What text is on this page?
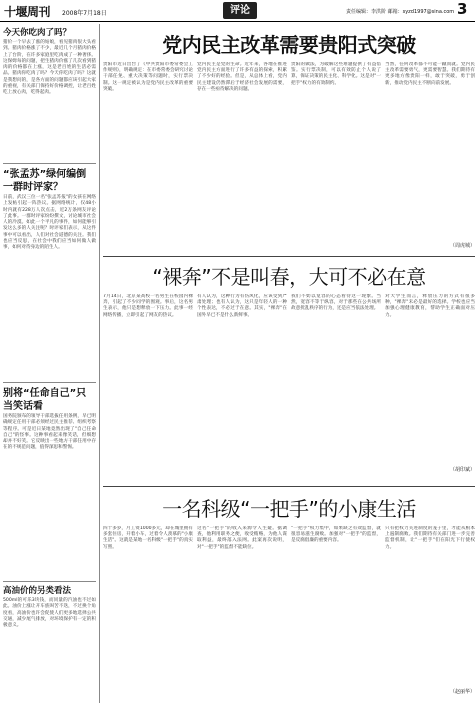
十堰周刊 2008年7月18日	评论	责任编辑：李洪阶 邮箱：syzd1997@sina.com 3
今天你吃肉了吗？
猪价一个早去了涨的姑娘，看见猪肉很大头看到。猪肉价格涨了不少，最近几个月猪肉价格上了台阶，在许多家庭里吃肉成了一种奢侈。这保姆每的问题，把生猪肉价涨了几次看到猪肉的价格都在上涨，这是老百姓的生活必需品。猪肉你吃肉了吗？今天你吃肉了吗？这就是我想问的，是各方面的问题都应该引起大家的重视，有关部门保持好价格调控，让老百姓吃上放心肉，吃得起肉。
“张孟苏”绿何编倒一群时评家？
日前，武汉三位一名"张孟苏报"的女孩在网络上发帖引起一阵热议。据网络统计，仅48小时内就有228万人次点击，近2万条网友评论了此事。一群时评家纷纷撰文，讨论城市社会人的冷漠。如此一个平凡的事件，如何能够引发这么多的人关注呢？时评家们表示，从这件事中可以看出，人们对社会道德的关注。我们也应当反思，在社会中我们应当如何做人做事，如何对待身边的陌生人。
别将“任命自己”只当笑话看
国务院颁布的领导干部选拔任用条例，早已明确规定任用干部必须经过民主推荐、组织考察等程序。可是近日某地竟然出现了"自己任命自己"的怪事。这种事看起来像笑话，但细想却并不好笑。它反映出一些地方干部任用中存在的不规范问题，值得深思和警惕。
高油价的另类看法
500ml的可乐3块钱，而同量的汽油也不过如此。油价上涨让开车族叫苦不迭，不过换个角度看，高油价也许会促使人们更多地选择公共交通，减少尾气排放，对环境保护有一定的积极意义。
党内民主改革需要贵阳式突破
贵阳市近日出台了《中共贵阳市委常委会工作规则》，明确规定：在市委常委会研究讨论干部任免、重大决策等问题时，实行票决制。这一规定被认为是党内民主改革的重要突破。
党内民主是党的生命。近年来，各地在推进党内民主方面进行了许多有益的探索，积累了不少好的经验。但是，从总体上看，党内民主建设仍然滞后于经济社会发展的需要，存在一些亟待解决的问题。
贵阳的做法，为破解这些难题提供了有益借鉴。实行票决制，可以有效防止个人说了算，保证决策的民主化、科学化。这是对"一把手"权力的有效制约。
当然，任何改革都不可能一蹴而就。党内民主改革需要勇气，更需要智慧。我们期待有更多地方像贵阳一样，敢于突破，勇于创新，推动党内民主不断向前发展。
（周虎城）
“裸奔”不是叫春，大可不必在意
7月14日，北京某高校一名男生在校园内裸奔，引起了不少同学的围观。事后，这名男生表示，他只是想释放一下压力。此事一经网络传播，立即引起了网友的热议。
有人认为，这种行为有伤风化，应该受到严肃处理；也有人认为，这只是年轻人的一种个性表达，不必过于在意。其实，"裸奔"在国外早已不是什么新鲜事。
我们不妨以宽容的心态看待这一现象。当然，宽容不等于纵容，对于那些在公共场所故意扰乱秩序的行为，还是应当依法处理。
对大学生而言，释放压力的方式有很多种，"裸奔"未必是最好的选择。学校也应当加强心理健康教育，帮助学生正确面对压力。
（胡印斌）
一名科级“一把手”的小康生活
四十多岁，月工资1000多元，却在城里拥有多套住房，开着小车，过着令人羡慕的"小康生活"。这就是某地一名科级"一把手"的真实写照。
这名"一把手"的收入来源令人生疑。据调查，他利用职务之便，收受贿赂，为他人谋取利益，最终落入法网。此案再次说明，对"一把手"的监督不能缺位。
"一把手"权力集中，如果缺乏有效监督，就很容易滋生腐败。加强对"一把手"的监督，是反腐倡廉的重要内容。
只有把权力关进制度的笼子里，才能从根本上遏制腐败。我们期待有关部门进一步完善监督机制，让"一把手"们在阳光下行使权力。
（赵丽华）
